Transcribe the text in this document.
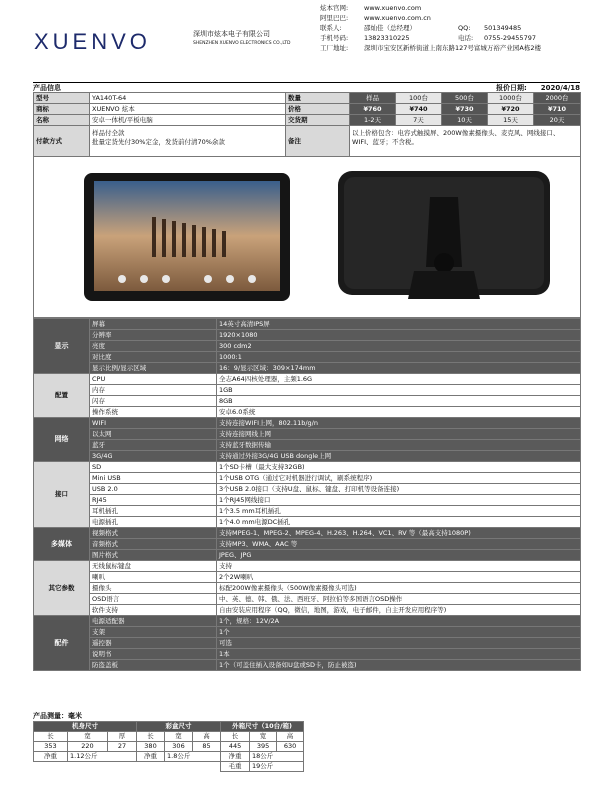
XUENVO	深圳市炫本电子有限公司
SHENZHEN XUENVO ELECTRONICS CO.,LTD
炫本官网: www.xuenvo.com
阿里巴巴: www.xuenvo.com.cn
联系人:	邵灿佳（总经理）	QQ: 501349485
手机号码: 13823310225	电话: 0755-29455797
工厂地址: 深圳市宝安区新桥街道上南东路127号富城万裕产业园A栋2楼
产品信息	报价日期: 2020/4/18
型号	YA140T-64	数量	样品	100台	500台	1000台	2000台
商标	XUENVO 炫本	价格	¥760	¥740	¥730	¥720	¥710
名称	安卓一体机/平板电脑	交货期	1-2天	7天	10天	15天	20天
付款方式	样品付全款
批量定货先付30%定金，发货前付清70%余款	备注	以上价格包含：电容式触摸屏、200W像素摄像头、麦克风、网线接口、WIFI、蓝牙；不含税。				

显示	屏幕	14英寸高清IPS屏
	分辨率	1920×1080
	亮度	300 cdm2
	对比度	1000:1
	显示比例/显示区域	16：9/显示区域：309×174mm
配置	CPU	全志A64四核处理器，主频1.6G
	内存	1GB
	闪存	8GB
	操作系统	安卓6.0系统
网络	WIFI	支持连接WIFI上网，802.11b/g/n
	以太网	支持连接网线上网
	蓝牙	支持蓝牙数据传输
	3G/4G	支持通过外接3G/4G USB dongle上网
接口	SD	1个SD卡槽（最大支持32GB)
	Mini USB	1个USB OTG（通过它对机器进行调试，刷系统程序)
	USB 2.0	3个USB 2.0接口（支持U盘、鼠标、键盘、打印机等设备连接)
	RJ45	1个RJ45网线接口
	耳机插孔	1个3.5 mm耳机插孔
	电源插孔	1个4.0 mm电源DC插孔
多媒体	视频格式	支持MPEG-1、MPEG-2、MPEG-4、H.263、H.264、VC1、RV 等（最高支持1080P)
	音频格式	支持MP3、WMA、AAC 等
	图片格式	JPEG、JPG
其它参数	无线鼠标键盘	支持
	喇叭	2个2W喇叭
	摄像头	标配200W像素摄像头（500W像素摄像头可选)
	OSD语言	中、英、德、韩、俄、法、西班牙、阿拉伯等多国语言OSD操作
	软件支持	自由安装应用程序（QQ，微信，地图，游戏，电子邮件，自主开发应用程序等)
配件	电源适配器	1个，规格：12V/2A
	支架	1个
	遥控器	可选
	说明书	1本
	防盗盖板	1个（可盖住插入设备如U盘或SD卡，防止被盗)
产品测量：毫米
机身尺寸			彩盒尺寸			外箱尺寸（10台/箱)		
长	宽	厚	长	宽	高	长	宽	高
353	220	27	380	306	85	445	395	630
净重	1.12公斤		净重	1.8公斤		净重	18公斤	
						毛重	19公斤	
